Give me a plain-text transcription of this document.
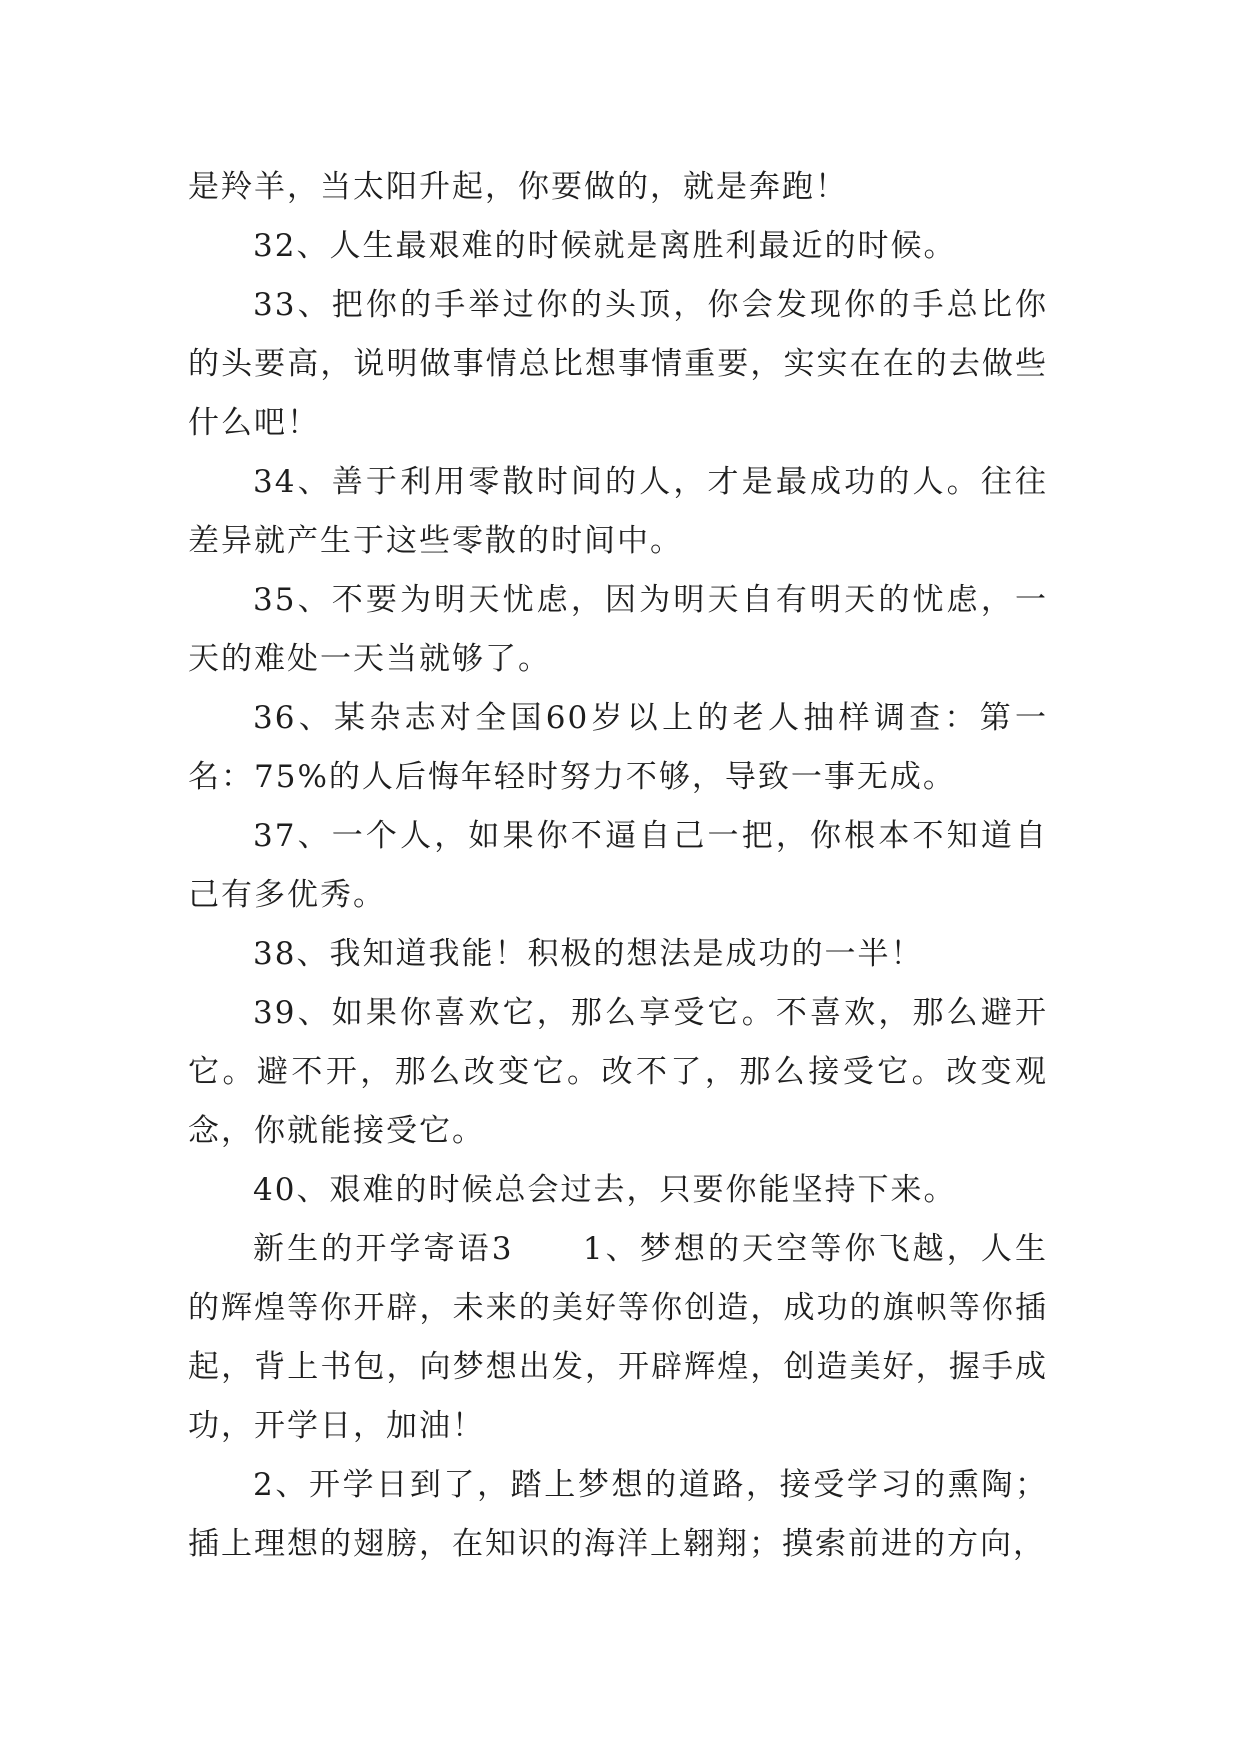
是羚羊，当太阳升起，你要做的，就是奔跑！

32、人生最艰难的时候就是离胜利最近的时候。

33、把你的手举过你的头顶，你会发现你的手总比你的头要高，说明做事情总比想事情重要，实实在在的去做些什么吧！

34、善于利用零散时间的人，才是最成功的人。往往差异就产生于这些零散的时间中。

35、不要为明天忧虑，因为明天自有明天的忧虑，一天的难处一天当就够了。

36、某杂志对全国60岁以上的老人抽样调查：第一名：75%的人后悔年轻时努力不够，导致一事无成。

37、一个人，如果你不逼自己一把，你根本不知道自己有多优秀。

38、我知道我能！积极的想法是成功的一半！

39、如果你喜欢它，那么享受它。不喜欢，那么避开它。避不开，那么改变它。改不了，那么接受它。改变观念，你就能接受它。

40、艰难的时候总会过去，只要你能坚持下来。

新生的开学寄语3　　1、梦想的天空等你飞越，人生的辉煌等你开辟，未来的美好等你创造，成功的旗帜等你插起，背上书包，向梦想出发，开辟辉煌，创造美好，握手成功，开学日，加油！

2、开学日到了，踏上梦想的道路，接受学习的熏陶；插上理想的翅膀，在知识的海洋上翱翔；摸索前进的方向，
